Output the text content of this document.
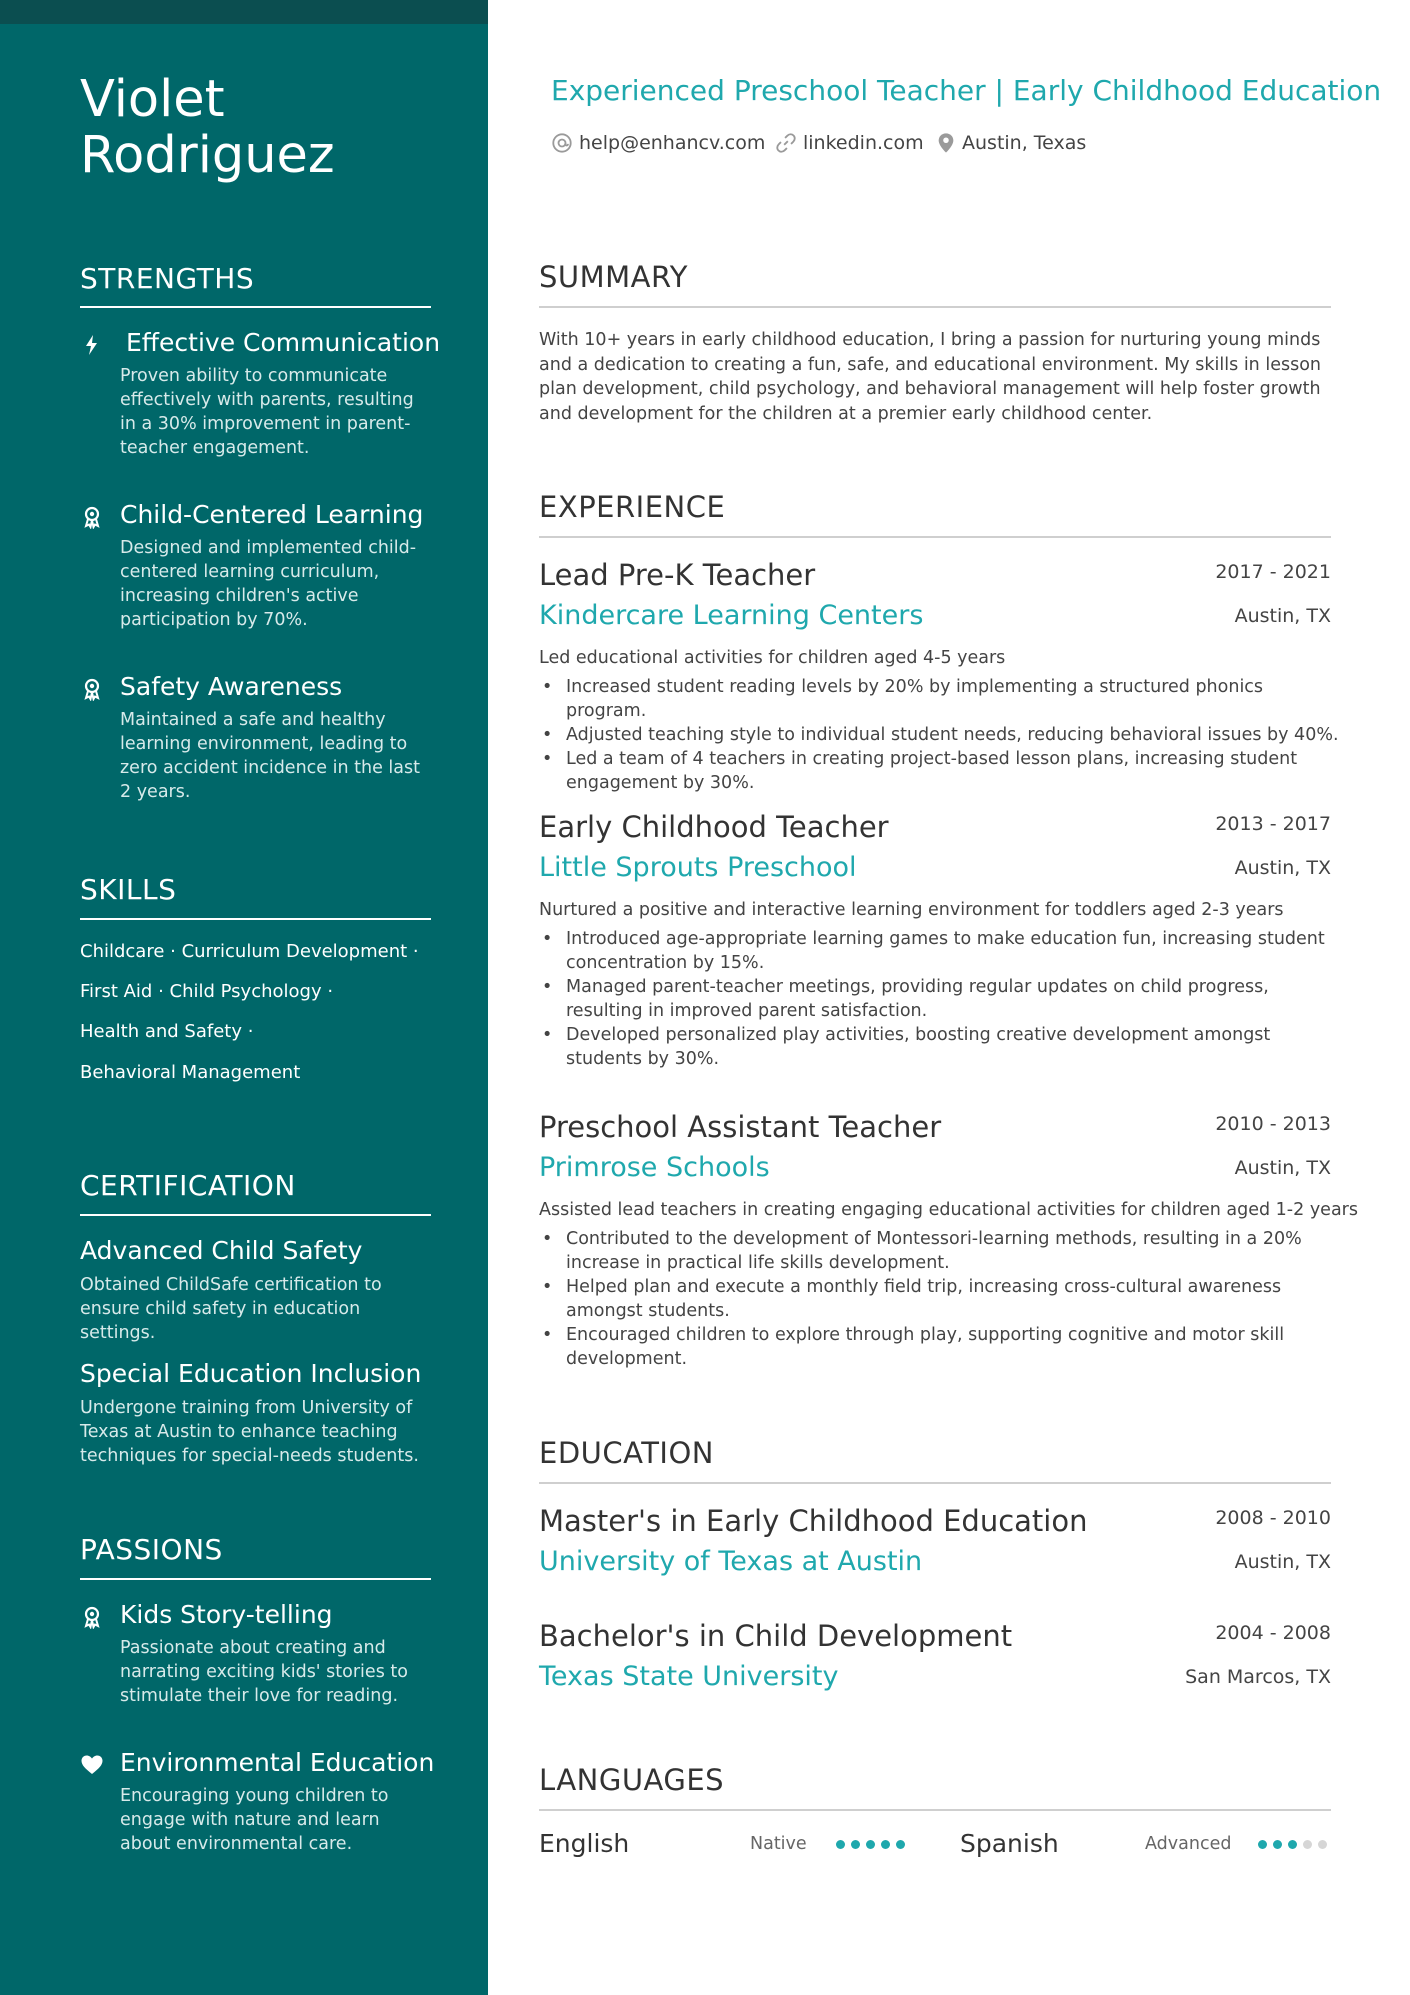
Violet Rodriguez
STRENGTHS
Effective Communication
Proven ability to communicate effectively with parents, resulting in a 30% improvement in parent-teacher engagement.
Child-Centered Learning
Designed and implemented child-centered learning curriculum, increasing children's active participation by 70%.
Safety Awareness
Maintained a safe and healthy learning environment, leading to zero accident incidence in the last 2 years.
SKILLS
Childcare · Curriculum Development ·
First Aid · Child Psychology ·
Health and Safety ·
Behavioral Management
CERTIFICATION
Advanced Child Safety
Obtained ChildSafe certification to ensure child safety in education settings.
Special Education Inclusion
Undergone training from University of Texas at Austin to enhance teaching techniques for special-needs students.
PASSIONS
Kids Story-telling
Passionate about creating and narrating exciting kids' stories to stimulate their love for reading.
Environmental Education
Encouraging young children to engage with nature and learn about environmental care.
Experienced Preschool Teacher | Early Childhood Education
help@enhancv.com linkedin.com Austin, Texas
SUMMARY
With 10+ years in early childhood education, I bring a passion for nurturing young minds and a dedication to creating a fun, safe, and educational environment. My skills in lesson plan development, child psychology, and behavioral management will help foster growth and development for the children at a premier early childhood center.
EXPERIENCE
Lead Pre-K Teacher	2017 - 2021
Kindercare Learning Centers	Austin, TX
Led educational activities for children aged 4-5 years
• Increased student reading levels by 20% by implementing a structured phonics program.
• Adjusted teaching style to individual student needs, reducing behavioral issues by 40%.
• Led a team of 4 teachers in creating project-based lesson plans, increasing student engagement by 30%.
Early Childhood Teacher	2013 - 2017
Little Sprouts Preschool	Austin, TX
Nurtured a positive and interactive learning environment for toddlers aged 2-3 years
• Introduced age-appropriate learning games to make education fun, increasing student concentration by 15%.
• Managed parent-teacher meetings, providing regular updates on child progress, resulting in improved parent satisfaction.
• Developed personalized play activities, boosting creative development amongst students by 30%.
Preschool Assistant Teacher	2010 - 2013
Primrose Schools	Austin, TX
Assisted lead teachers in creating engaging educational activities for children aged 1-2 years
• Contributed to the development of Montessori-learning methods, resulting in a 20% increase in practical life skills development.
• Helped plan and execute a monthly field trip, increasing cross-cultural awareness amongst students.
• Encouraged children to explore through play, supporting cognitive and motor skill development.
EDUCATION
Master's in Early Childhood Education	2008 - 2010
University of Texas at Austin	Austin, TX
Bachelor's in Child Development	2004 - 2008
Texas State University	San Marcos, TX
LANGUAGES
English	Native	Spanish	Advanced
